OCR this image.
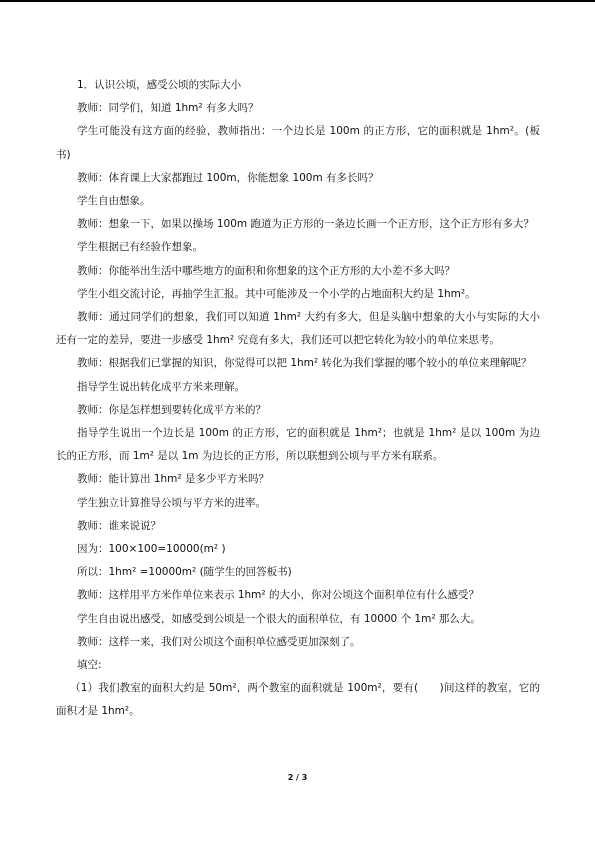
1．认识公顷，感受公顷的实际大小

教师：同学们，知道 1hm² 有多大吗？

学生可能没有这方面的经验，教师指出：一个边长是 100m 的正方形，它的面积就是 1hm²。(板书)

教师：体育课上大家都跑过 100m，你能想象 100m 有多长吗？

学生自由想象。

教师：想象一下，如果以操场 100m 跑道为正方形的一条边长画一个正方形，这个正方形有多大？

学生根据已有经验作想象。

教师：你能举出生活中哪些地方的面积和你想象的这个正方形的大小差不多大吗？

学生小组交流讨论，再抽学生汇报。其中可能涉及一个小学的占地面积大约是 1hm²。

教师：通过同学们的想象，我们可以知道 1hm² 大约有多大，但是头脑中想象的大小与实际的大小还有一定的差异，要进一步感受 1hm² 究竟有多大，我们还可以把它转化为较小的单位来思考。

教师：根据我们已掌握的知识，你觉得可以把 1hm² 转化为我们掌握的哪个较小的单位来理解呢？

指导学生说出转化成平方米来理解。

教师：你是怎样想到要转化成平方米的？

指导学生说出一个边长是 100m 的正方形，它的面积就是 1hm²；也就是 1hm² 是以 100m 为边长的正方形，而 1m² 是以 1m 为边长的正方形，所以联想到公顷与平方米有联系。

教师：能计算出 1hm² 是多少平方米吗？

学生独立计算推导公顷与平方米的进率。

教师：谁来说说？

因为：100×100=10000(m² )

所以：1hm² =10000m² (随学生的回答板书)

教师：这样用平方米作单位来表示 1hm² 的大小，你对公顷这个面积单位有什么感受？

学生自由说出感受，如感受到公顷是一个很大的面积单位，有 10000 个 1m² 那么大。

教师：这样一来，我们对公顷这个面积单位感受更加深刻了。

填空:

（1）我们教室的面积大约是 50m²，两个教室的面积就是 100m²，要有(　　)间这样的教室，它的面积才是 1hm²。

2 / 3
